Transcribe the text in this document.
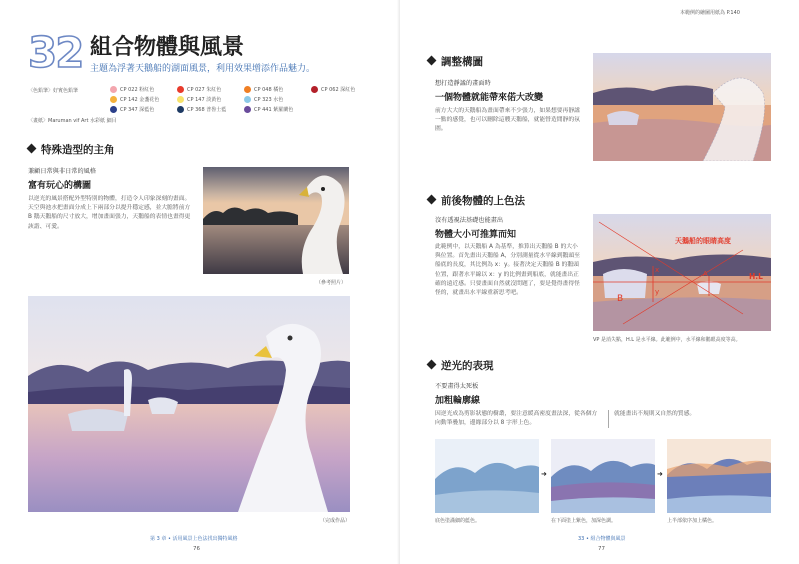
32 組合物體與風景
主題為浮著天鵝船的湖面風景，利用效果增添作品魅力。
〈色鉛筆〉好賓色鉛筆	CP 022 粉紅色	CP 027 朱紅色	CP 048 橘色	CP 062 深紅色
CP 142 金盞花色	CP 147 淡黃色	CP 323 水色
CP 347 深藍色	CP 368 普魯士藍	CP 441 紫羅蘭色
〈畫紙〉Maruman vif Art 水彩紙 細目
特殊造型的主角
兼顧日常與非日常的風格
富有玩心的構圖
以逆光的風景搭配外型特別的物體，打造令人印象深刻的畫面。天空與池水把畫面分成上下兩部分以提升穩定感，並大膽將前方 B 鵝天鵝船的尺寸放大，增加畫面張力，天鵝船的表情也畫得更詼諧、可愛。
（參考照片）
（完成作品）
第 3 章 • 活用風景上色法找出獨特風格
76
本範例的繪圖用紙為 P.140
調整構圖
想打造靜謐的畫面時
一個物體就能帶來偌大改變
前方大大的天鵝船為畫面帶來不少張力，如果想要再靜謐一點的感覺，也可以刪除這艘天鵝船，就能營造閒靜的氛圍。
前後物體的上色法
沒有透視法基礎也能畫出
物體大小可推算而知
此範例中，以天鵝船 A 為基準，推算出天鵝船 B 的大小與位置。首先畫出天鵝船 A，分別測量從水平線到鵝頭至船底的長度，其比例為 x：y。接著決定天鵝船 B 的鵝頭位置，跟著水平線以 x：y 的比例畫到船底，就能畫出正確的遠近感。只要畫面自然就沒問題了，要是覺得畫得怪怪的，就畫出水平線重新思考吧。
天鵝船的眼睛高度
H.L
A
B
x
y
VP 是消失點，H.L 是水平線。此範例中，水平線和鵝眼高度等高。
逆光的表現
不要畫得太死板
加粗輪廓線
因逆光成為剪影狀態的樹叢，要注意緩高密度畫法深，從各個方向動筆疊加，邊緣部分以 8 字形上色。
就能畫出不規則又自然的質感。
➜	➜
底色塗滿細的藍色。	在下面塗上紫色，加深色調。	上半部依序加上橘色。
33 • 組合物體與風景
77
